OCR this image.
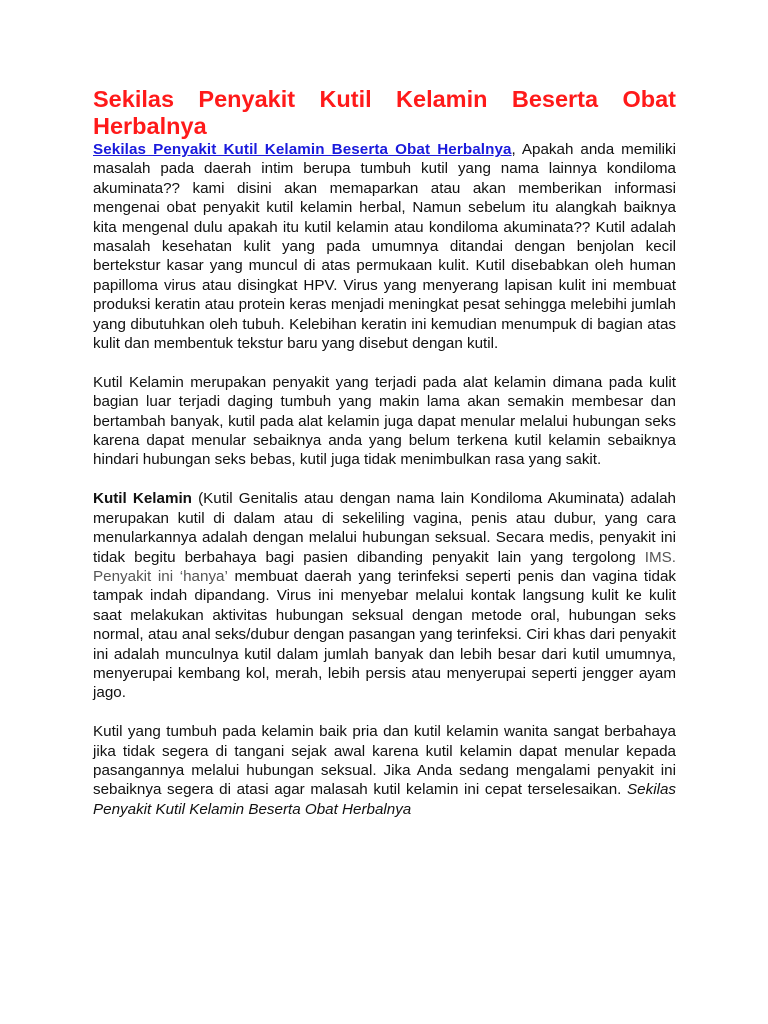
Sekilas Penyakit Kutil Kelamin Beserta Obat Herbalnya

Sekilas Penyakit Kutil Kelamin Beserta Obat Herbalnya, Apakah anda memiliki masalah pada daerah intim berupa tumbuh kutil yang nama lainnya kondiloma akuminata?? kami disini akan memaparkan atau akan memberikan informasi mengenai obat penyakit kutil kelamin herbal, Namun sebelum itu alangkah baiknya kita mengenal dulu apakah itu kutil kelamin atau kondiloma akuminata?? Kutil adalah masalah kesehatan kulit yang pada umumnya ditandai dengan benjolan kecil bertekstur kasar yang muncul di atas permukaan kulit. Kutil disebabkan oleh human papilloma virus atau disingkat HPV. Virus yang menyerang lapisan kulit ini membuat produksi keratin atau protein keras menjadi meningkat pesat sehingga melebihi jumlah yang dibutuhkan oleh tubuh. Kelebihan keratin ini kemudian menumpuk di bagian atas kulit dan membentuk tekstur baru yang disebut dengan kutil.

Kutil Kelamin merupakan penyakit yang terjadi pada alat kelamin dimana pada kulit bagian luar terjadi daging tumbuh yang makin lama akan semakin membesar dan bertambah banyak, kutil pada alat kelamin juga dapat menular melalui hubungan seks karena dapat menular sebaiknya anda yang belum terkena kutil kelamin sebaiknya hindari hubungan seks bebas, kutil juga tidak menimbulkan rasa yang sakit.

Kutil Kelamin (Kutil Genitalis atau dengan nama lain Kondiloma Akuminata) adalah merupakan kutil di dalam atau di sekeliling vagina, penis atau dubur, yang cara menularkannya adalah dengan melalui hubungan seksual. Secara medis, penyakit ini tidak begitu berbahaya bagi pasien dibanding penyakit lain yang tergolong IMS. Penyakit ini ‘hanya’ membuat daerah yang terinfeksi seperti penis dan vagina tidak tampak indah dipandang. Virus ini menyebar melalui kontak langsung kulit ke kulit saat melakukan aktivitas hubungan seksual dengan metode oral, hubungan seks normal, atau anal seks/dubur dengan pasangan yang terinfeksi. Ciri khas dari penyakit ini adalah munculnya kutil dalam jumlah banyak dan lebih besar dari kutil umumnya, menyerupai kembang kol, merah, lebih persis atau menyerupai seperti jengger ayam jago.

Kutil yang tumbuh pada kelamin baik pria dan kutil kelamin wanita sangat berbahaya jika tidak segera di tangani sejak awal karena kutil kelamin dapat menular kepada pasangannya melalui hubungan seksual. Jika Anda sedang mengalami penyakit ini sebaiknya segera di atasi agar malasah kutil kelamin ini cepat terselesaikan. Sekilas Penyakit Kutil Kelamin Beserta Obat Herbalnya
